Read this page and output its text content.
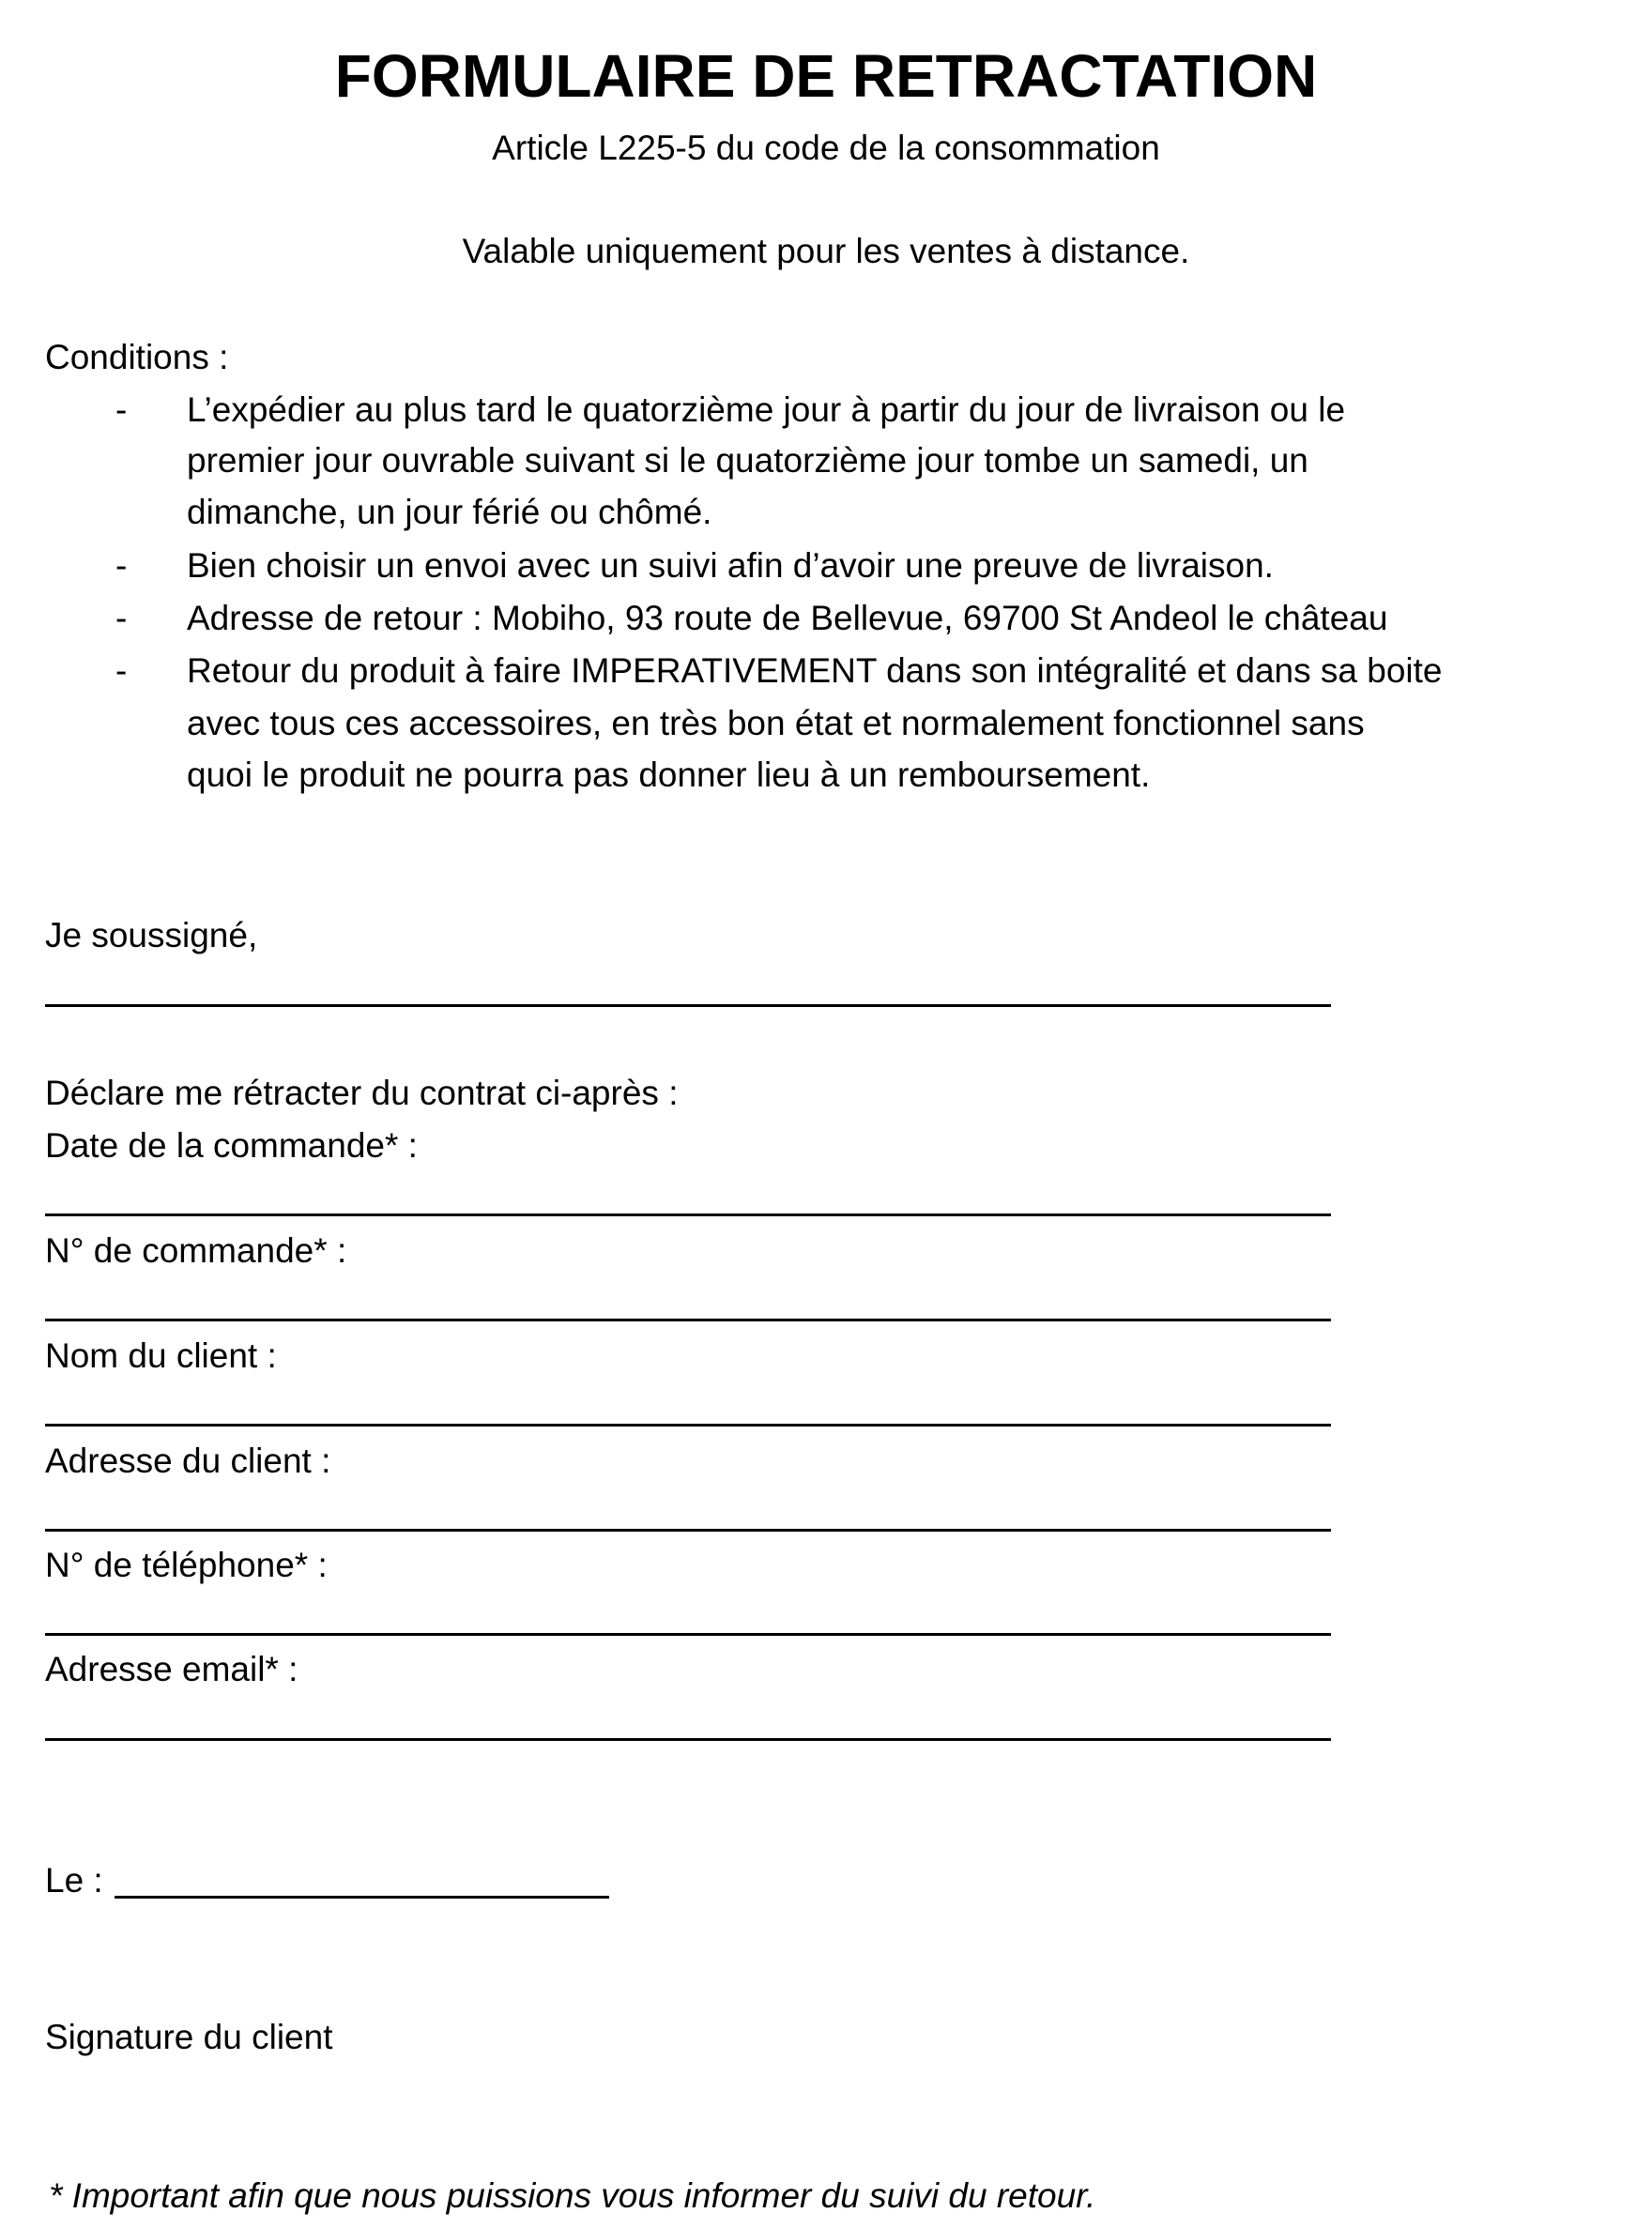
FORMULAIRE DE RETRACTATION
Article L225-5 du code de la consommation
Valable uniquement pour les ventes à distance.
Conditions :
- L’expédier au plus tard le quatorzième jour à partir du jour de livraison ou le
premier jour ouvrable suivant si le quatorzième jour tombe un samedi, un
dimanche, un jour férié ou chômé.
- Bien choisir un envoi avec un suivi afin d’avoir une preuve de livraison.
- Adresse de retour : Mobiho, 93 route de Bellevue, 69700 St Andeol le château
- Retour du produit à faire IMPERATIVEMENT dans son intégralité et dans sa boite
avec tous ces accessoires, en très bon état et normalement fonctionnel sans
quoi le produit ne pourra pas donner lieu à un remboursement.
Je soussigné,
Déclare me rétracter du contrat ci-après :
Date de la commande* :
N° de commande* :
Nom du client :
Adresse du client :
N° de téléphone* :
Adresse email* :
Le :
Signature du client
* Important afin que nous puissions vous informer du suivi du retour.
